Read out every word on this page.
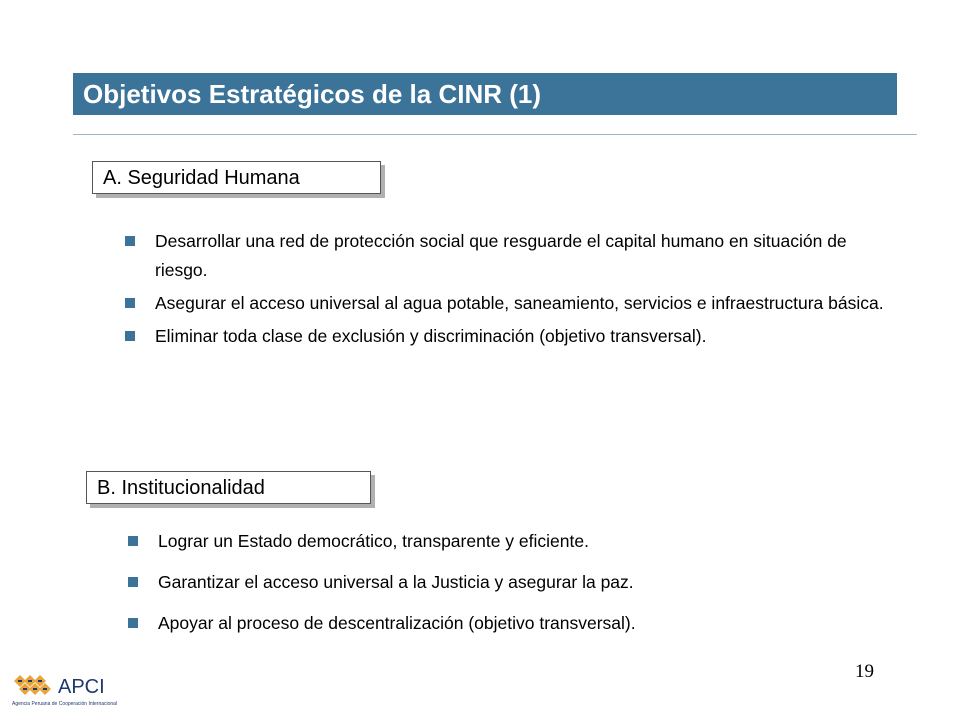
Objetivos Estratégicos de la CINR (1)
A. Seguridad Humana
Desarrollar una red de protección social que resguarde el capital humano en situación de riesgo.
Asegurar el acceso universal al agua potable, saneamiento, servicios e infraestructura básica.
Eliminar toda clase de exclusión y discriminación (objetivo transversal).
B. Institucionalidad
Lograr un Estado democrático, transparente y eficiente.
Garantizar el acceso universal a la Justicia y asegurar la paz.
Apoyar al proceso de descentralización (objetivo transversal).
19
APCI
Agencia Peruana de Cooperación Internacional
